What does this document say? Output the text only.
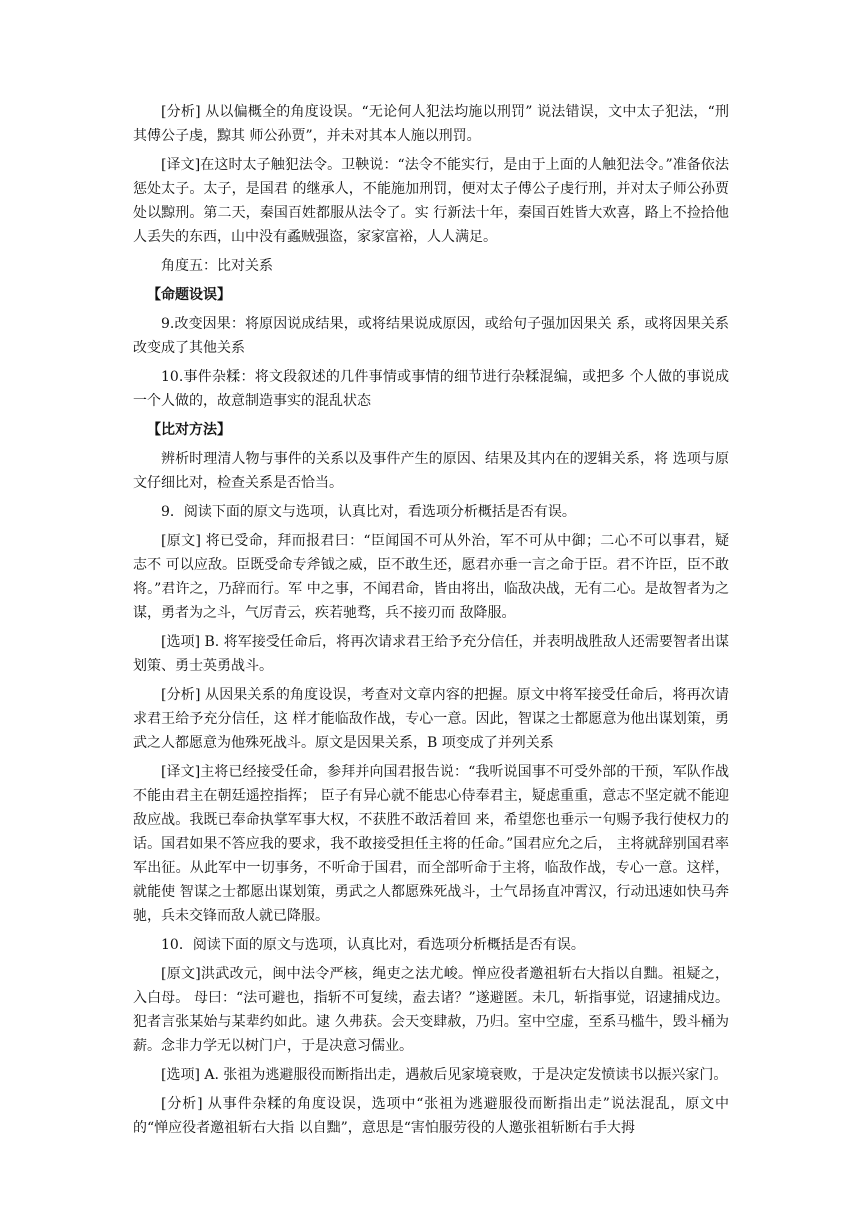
[分析] 从以偏概全的角度设误。“无论何人犯法均施以刑罚” 说法错误，文中太子犯法，“刑其傅公子虔，黥其 师公孙贾”，并未对其本人施以刑罚。

[译文]在这时太子触犯法令。卫鞅说：“法令不能实行，是由于上面的人触犯法令。”准备依法惩处太子。太子，是国君 的继承人，不能施加刑罚，便对太子傅公子虔行刑，并对太子师公孙贾处以黥刑。第二天，秦国百姓都服从法令了。实 行新法十年，秦国百姓皆大欢喜，路上不捡拾他人丢失的东西，山中没有蟊贼强盗，家家富裕，人人满足。

角度五：比对关系

【命题设误】

9.改变因果：将原因说成结果，或将结果说成原因，或给句子强加因果关 系，或将因果关系改变成了其他关系

10.事件杂糅：将文段叙述的几件事情或事情的细节进行杂糅混编，或把多 个人做的事说成一个人做的，故意制造事实的混乱状态

【比对方法】

辨析时理清人物与事件的关系以及事件产生的原因、结果及其内在的逻辑关系，将 选项与原文仔细比对，检查关系是否恰当。

9．阅读下面的原文与选项，认真比对，看选项分析概括是否有误。

[原文] 将已受命，拜而报君曰：“臣闻国不可从外治，军不可从中御；二心不可以事君，疑志不 可以应敌。臣既受命专斧钺之威，臣不敢生还，愿君亦垂一言之命于臣。君不许臣，臣不敢将。”君许之，乃辞而行。军 中之事，不闻君命，皆由将出，临敌决战，无有二心。是故智者为之谋，勇者为之斗，气厉青云，疾若驰骛，兵不接刃而 敌降服。

[选项] B. 将军接受任命后，将再次请求君王给予充分信任，并表明战胜敌人还需要智者出谋划策、勇士英勇战斗。

[分析] 从因果关系的角度设误，考查对文章内容的把握。原文中将军接受任命后，将再次请求君王给予充分信任，这 样才能临敌作战，专心一意。因此，智谋之士都愿意为他出谋划策，勇武之人都愿意为他殊死战斗。原文是因果关系，B 项变成了并列关系

[译文]主将已经接受任命，参拜并向国君报告说：“我听说国事不可受外部的干预，军队作战不能由君主在朝廷遥控指挥； 臣子有异心就不能忠心侍奉君主，疑虑重重，意志不坚定就不能迎敌应战。我既已奉命执掌军事大权，不获胜不敢活着回 来，希望您也垂示一句赐予我行使权力的话。国君如果不答应我的要求，我不敢接受担任主将的任命。”国君应允之后， 主将就辞别国君率军出征。从此军中一切事务，不听命于国君，而全部听命于主将，临敌作战，专心一意。这样，就能使 智谋之士都愿出谋划策，勇武之人都愿殊死战斗，士气昂扬直冲霄汉，行动迅速如快马奔驰，兵未交锋而敌人就已降服。

10．阅读下面的原文与选项，认真比对，看选项分析概括是否有误。

[原文]洪武改元，闽中法令严核，绳吏之法尤峻。惮应役者邀祖斩右大指以自黜。祖疑之，入白母。 母曰：“法可避也，指斩不可复续，盍去诸？”遂避匿。未几，斩指事觉，诏逮捕戍边。犯者言张某始与某辈约如此。逮 久弗获。会天变肆赦，乃归。室中空虚，至系马槛牛，毁斗桶为薪。念非力学无以树门户，于是决意习儒业。

[选项] A. 张祖为逃避服役而断指出走，遇赦后见家境衰败，于是决定发愤读书以振兴家门。

[分析] 从事件杂糅的角度设误，选项中“张祖为逃避服役而断指出走”说法混乱，原文中的“惮应役者邀祖斩右大指 以自黜”，意思是“害怕服劳役的人邀张祖斩断右手大拇
